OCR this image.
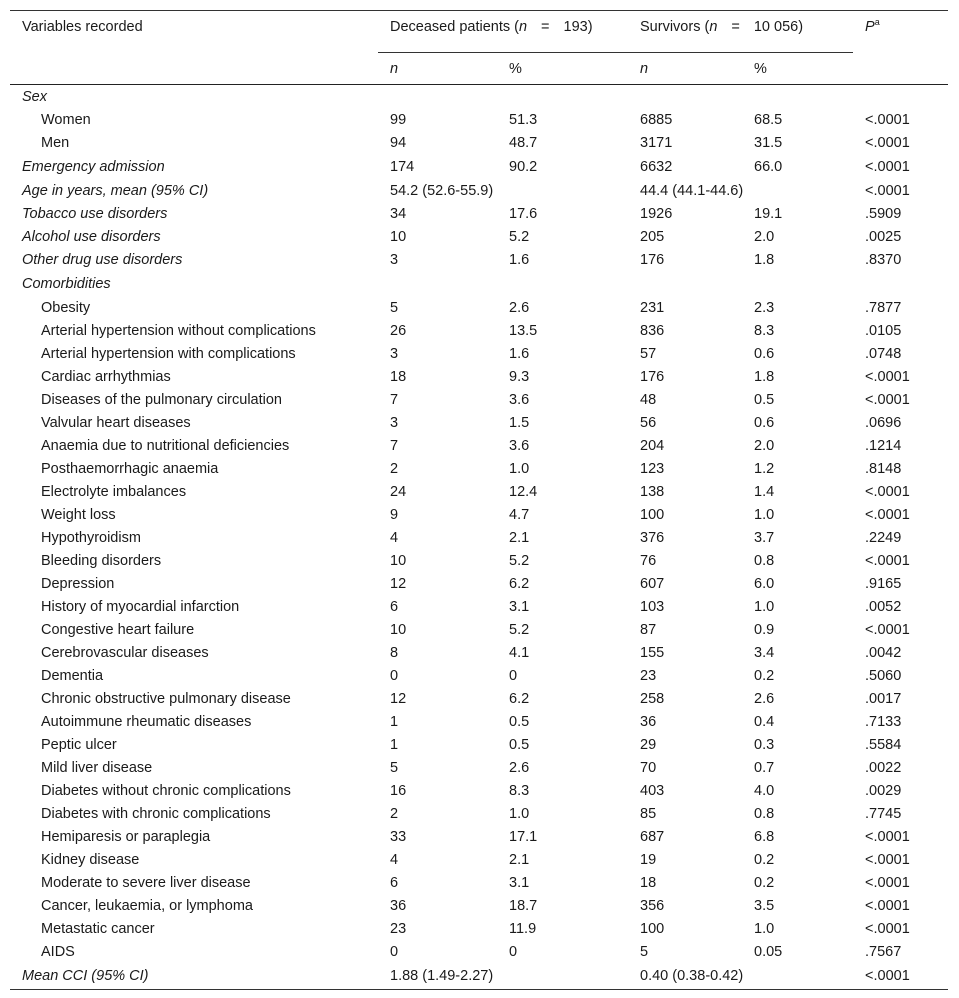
Variables recorded	Deceased patients (n = 193)		Survivors (n = 10 056)		$P^a$
	n	%	n	%	
Sex					
Women	99	51.3	6885	68.5	<.0001
Men	94	48.7	3171	31.5	<.0001
Emergency admission	174	90.2	6632	66.0	<.0001
Age in years, mean (95% CI)	54.2 (52.6-55.9)		44.4 (44.1-44.6)		<.0001
Tobacco use disorders	34	17.6	1926	19.1	.5909
Alcohol use disorders	10	5.2	205	2.0	.0025
Other drug use disorders	3	1.6	176	1.8	.8370
Comorbidities					
Obesity	5	2.6	231	2.3	.7877
Arterial hypertension without complications	26	13.5	836	8.3	.0105
Arterial hypertension with complications	3	1.6	57	0.6	.0748
Cardiac arrhythmias	18	9.3	176	1.8	<.0001
Diseases of the pulmonary circulation	7	3.6	48	0.5	<.0001
Valvular heart diseases	3	1.5	56	0.6	.0696
Anaemia due to nutritional deficiencies	7	3.6	204	2.0	.1214
Posthaemorrhagic anaemia	2	1.0	123	1.2	.8148
Electrolyte imbalances	24	12.4	138	1.4	<.0001
Weight loss	9	4.7	100	1.0	<.0001
Hypothyroidism	4	2.1	376	3.7	.2249
Bleeding disorders	10	5.2	76	0.8	<.0001
Depression	12	6.2	607	6.0	.9165
History of myocardial infarction	6	3.1	103	1.0	.0052
Congestive heart failure	10	5.2	87	0.9	<.0001
Cerebrovascular diseases	8	4.1	155	3.4	.0042
Dementia	0	0	23	0.2	.5060
Chronic obstructive pulmonary disease	12	6.2	258	2.6	.0017
Autoimmune rheumatic diseases	1	0.5	36	0.4	.7133
Peptic ulcer	1	0.5	29	0.3	.5584
Mild liver disease	5	2.6	70	0.7	.0022
Diabetes without chronic complications	16	8.3	403	4.0	.0029
Diabetes with chronic complications	2	1.0	85	0.8	.7745
Hemiparesis or paraplegia	33	17.1	687	6.8	<.0001
Kidney disease	4	2.1	19	0.2	<.0001
Moderate to severe liver disease	6	3.1	18	0.2	<.0001
Cancer, leukaemia, or lymphoma	36	18.7	356	3.5	<.0001
Metastatic cancer	23	11.9	100	1.0	<.0001
AIDS	0	0	5	0.05	.7567
Mean CCI (95% CI)	1.88 (1.49-2.27)		0.40 (0.38-0.42)		<.0001
